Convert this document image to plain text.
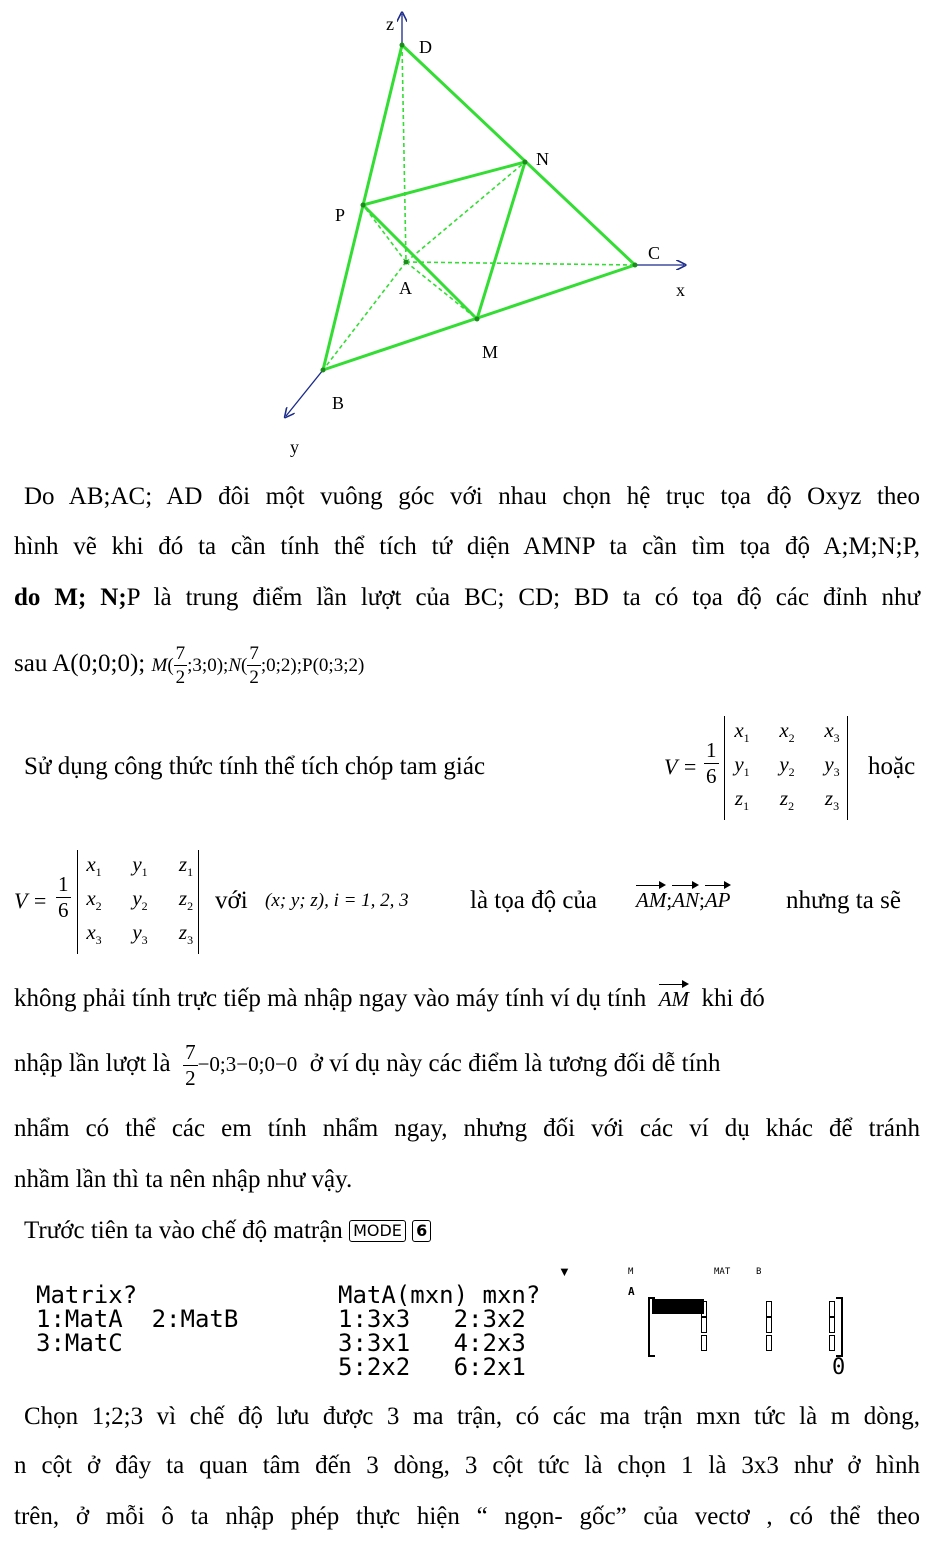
z
D
N
P
C
A	x
M
B
y
Do AB;AC; AD đôi một vuông góc với nhau chọn hệ trục tọa độ Oxyz theo
hình vẽ khi đó ta cần tính thể tích tứ diện AMNP ta cần tìm tọa độ A;M;N;P,
do M; N;P là trung điểm lần lượt của BC; CD; BD ta có tọa độ các đỉnh như
sau A(0;0;0); $M( \frac{7}{2}$ ;3;0);N( $\frac{7}{2}$ ;0;2);P(0;3;2)
Sử dụng công thức tính thể tích chóp tam giác	$V = \frac{1}{6}$
$x_1$	$x_2$	$x_3$
$y_1$	$y_2$	$y_3$
$z_1$	$z_2$	$z_3$
hoặc
$V = \frac{1}{6}$
$x_1$	$y_1$	$z_1$
$x_2$	$y_2$	$z_2$
$x_3$	$y_3$	$z_3$
với (x; y; z), i = 1, 2, 3 là tọa độ của AM;AN;AP nhưng ta sẽ
không phải tính trực tiếp mà nhập ngay vào máy tính ví dụ tính AM khi đó
nhập lần lượt là $\frac{7}{2}$ −0;3−0;0−0 ở ví dụ này các điểm là tương đối dễ tính
nhẩm có thể các em tính nhẩm ngay, nhưng đối với các ví dụ khác để tránh
nhầm lần thì ta nên nhập như vậy.
Trước tiên ta vào chế độ matrận MODE 6
Matrix?
1:MatA  2:MatB
3:MatC
MatA(mxn) mxn?
1:3x3   2:3x2
3:3x1   4:2x3
5:2x2   6:2x1
▼	M
A
MAT	B
0
Chọn 1;2;3 vì chế độ lưu được 3 ma trận, có các ma trận mxn tức là m dòng,
n cột ở đây ta quan tâm đến 3 dòng, 3 cột tức là chọn 1 là 3x3 như ở hình
trên, ở mỗi ô ta nhập phép thực hiện “ ngọn- gốc” của vectơ , có thể theo
